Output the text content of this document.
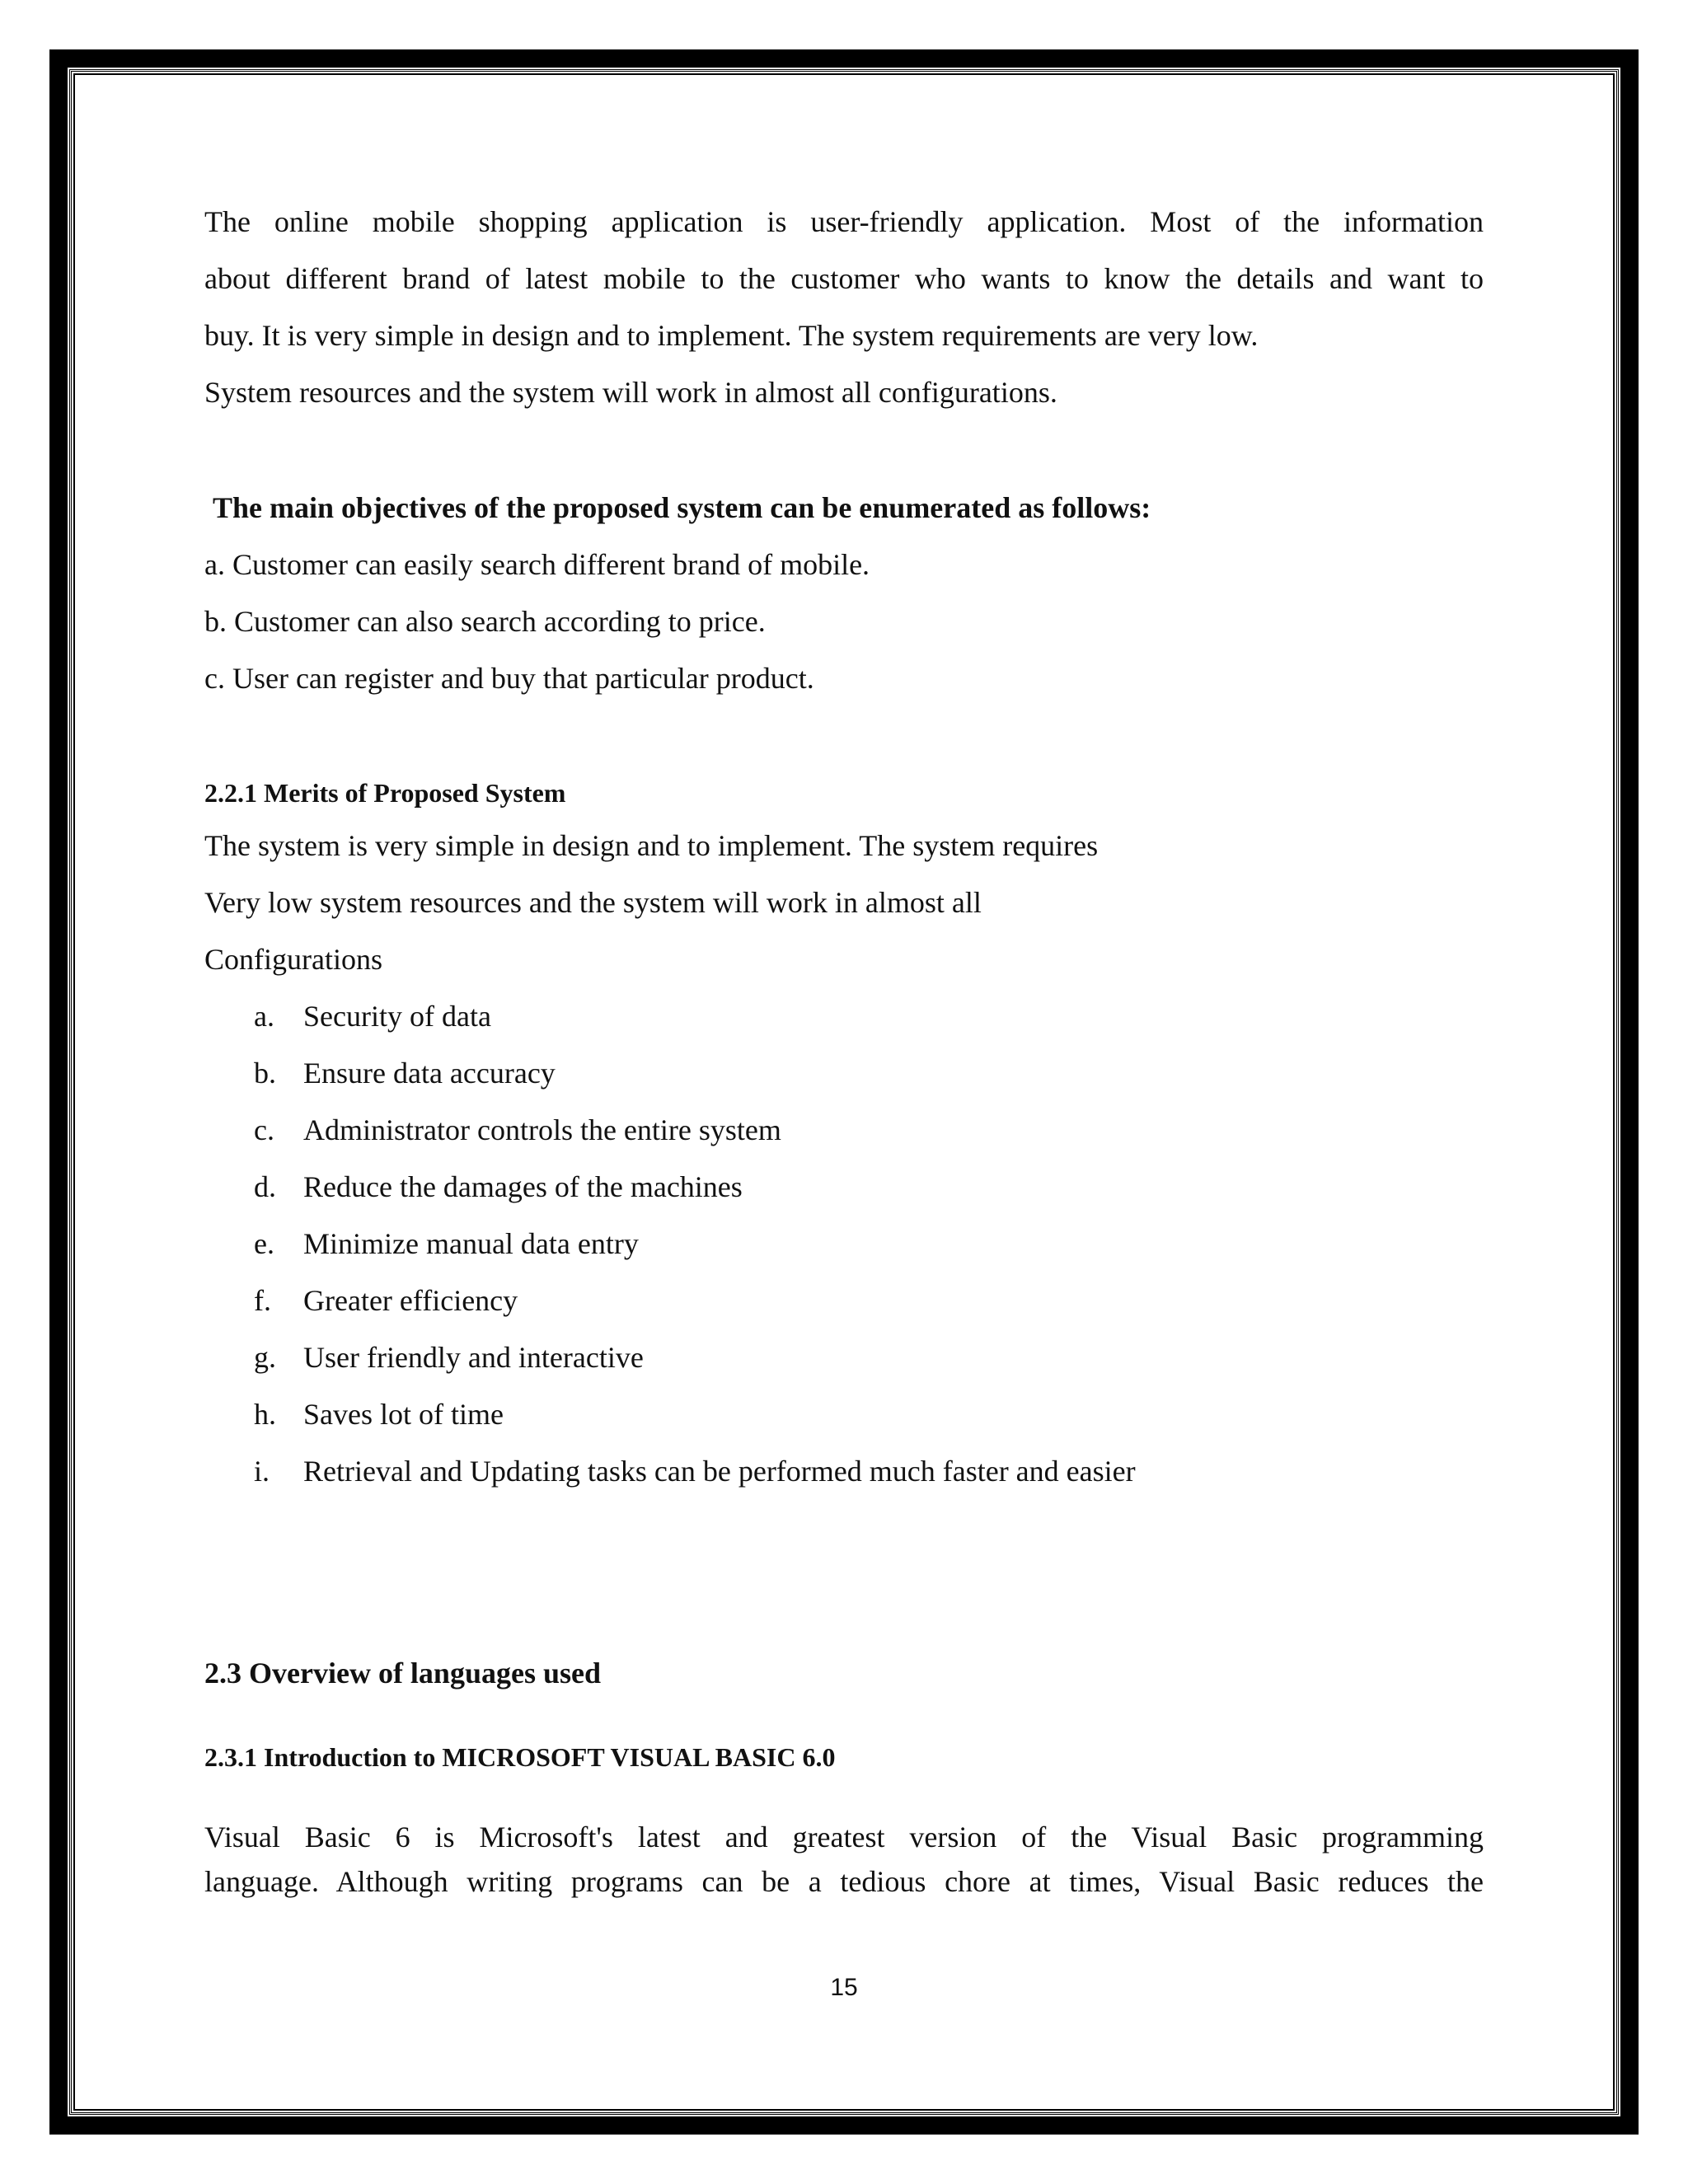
The online mobile shopping application is user-friendly application. Most of the information
about different brand of latest mobile to the customer who wants to know the details and want to
buy. It is very simple in design and to implement. The system requirements are very low.
System resources and the system will work in almost all configurations.
The main objectives of the proposed system can be enumerated as follows:
a. Customer can easily search different brand of mobile.
b. Customer can also search according to price.
c. User can register and buy that particular product.
2.2.1 Merits of Proposed System
The system is very simple in design and to implement. The system requires
Very low system resources and the system will work in almost all
Configurations
a. Security of data
b. Ensure data accuracy
c. Administrator controls the entire system
d. Reduce the damages of the machines
e. Minimize manual data entry
f.	Greater efficiency
g. User friendly and interactive
h. Saves lot of time
i.	Retrieval and Updating tasks can be performed much faster and easier
2.3 Overview of languages used
2.3.1 Introduction to MICROSOFT VISUAL BASIC 6.0
Visual Basic 6 is Microsoft's latest and greatest version of the Visual Basic programming
language. Although writing programs can be a tedious chore at times, Visual Basic reduces the
15
